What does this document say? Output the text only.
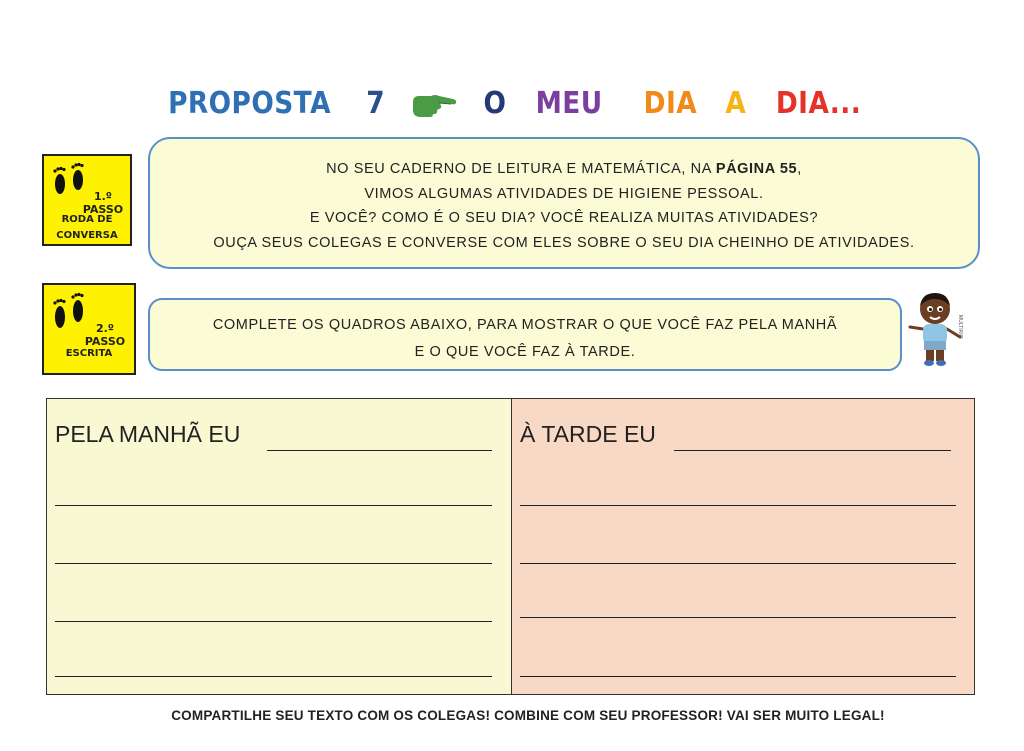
PROPOSTA 7	O MEU DIA A DIA...
1.º PASSO
RODA DE
CONVERSA

NO SEU CADERNO DE LEITURA E MATEMÁTICA, NA PÁGINA 55,

VIMOS ALGUMAS ATIVIDADES DE HIGIENE PESSOAL.

E VOCÊ? COMO É O SEU DIA? VOCÊ REALIZA MUITAS ATIVIDADES?

OUÇA SEUS COLEGAS E CONVERSE COM ELES SOBRE O SEU DIA CHEINHO DE ATIVIDADES.

2.º PASSO
ESCRITA

COMPLETE OS QUADROS ABAIXO, PARA MOSTRAR O QUE VOCÊ FAZ PELA MANHÃ

E O QUE VOCÊ FAZ À TARDE.

MULTIRIO
PELA MANHÃ EU	À TARDE EU
COMPARTILHE SEU TEXTO COM OS COLEGAS! COMBINE COM SEU PROFESSOR! VAI SER MUITO LEGAL!
